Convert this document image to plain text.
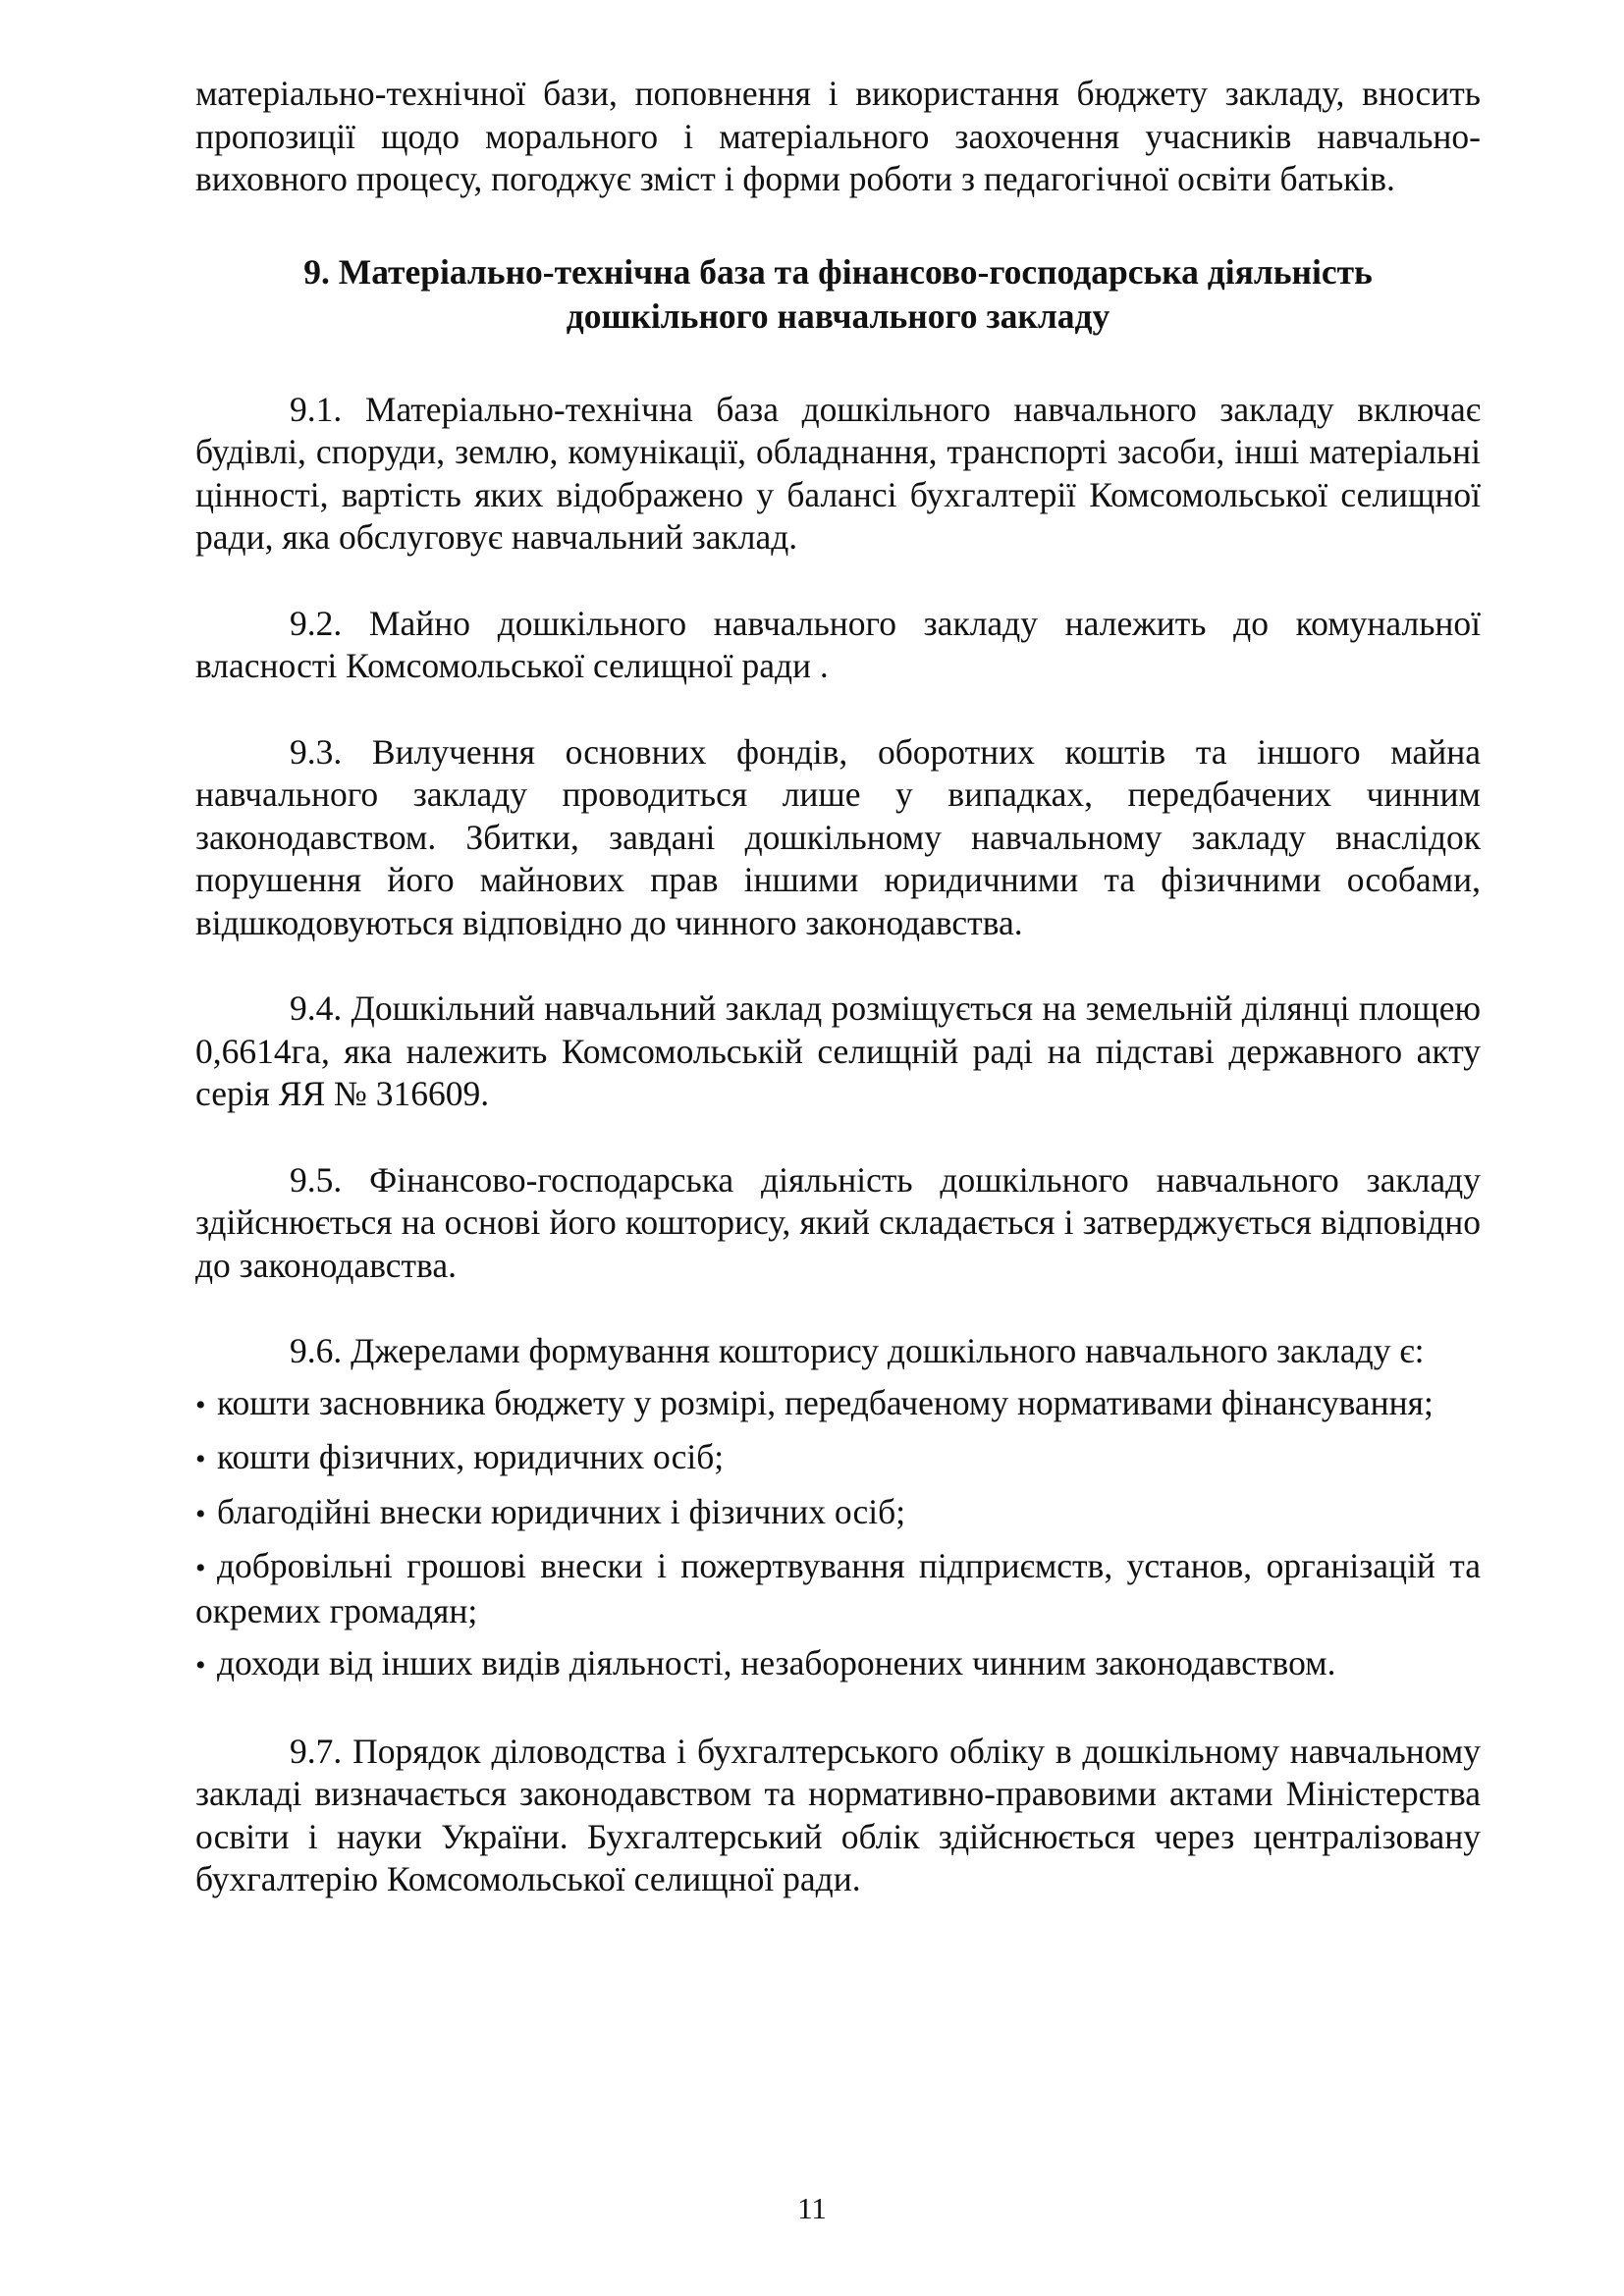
матеріально-технічної бази, поповнення і використання бюджету закладу, вносить пропозиції щодо морального і матеріального заохочення учасників навчально-виховного процесу, погоджує зміст і форми роботи з педагогічної освіти батьків.

9. Матеріально-технічна база та фінансово-господарська діяльність
дошкільного навчального закладу

9.1. Матеріально-технічна база дошкільного навчального закладу включає будівлі, споруди, землю, комунікації, обладнання, транспорті засоби, інші матеріальні цінності, вартість яких відображено у балансі бухгалтерії Комсомольської селищної ради, яка обслуговує навчальний заклад.

9.2. Майно дошкільного навчального закладу належить до комунальної власності Комсомольської селищної ради .

9.3. Вилучення основних фондів, оборотних коштів та іншого майна навчального закладу проводиться лише у випадках, передбачених чинним законодавством. Збитки, завдані дошкільному навчальному закладу внаслідок порушення його майнових прав іншими юридичними та фізичними особами, відшкодовуються відповідно до чинного законодавства.

9.4. Дошкільний навчальний заклад розміщується на земельній ділянці площею 0,6614га, яка належить Комсомольській селищній раді на підставі державного акту серія ЯЯ № 316609.

9.5. Фінансово-господарська діяльність дошкільного навчального закладу здійснюється на основі його кошторису, який складається і затверджується відповідно до законодавства.

9.6. Джерелами формування кошторису дошкільного навчального закладу є:

• кошти засновника бюджету у розмірі, передбаченому нормативами фінансування;
• кошти фізичних, юридичних осіб;
• благодійні внески юридичних і фізичних осіб;
• добровільні грошові внески і пожертвування підприємств, установ, організацій та окремих громадян;
• доходи від інших видів діяльності, незаборонених чинним законодавством.

9.7. Порядок діловодства і бухгалтерського обліку в дошкільному навчальному закладі визначається законодавством та нормативно-правовими актами Міністерства освіти і науки України. Бухгалтерський облік здійснюється через централізовану бухгалтерію Комсомольської селищної ради.

11
